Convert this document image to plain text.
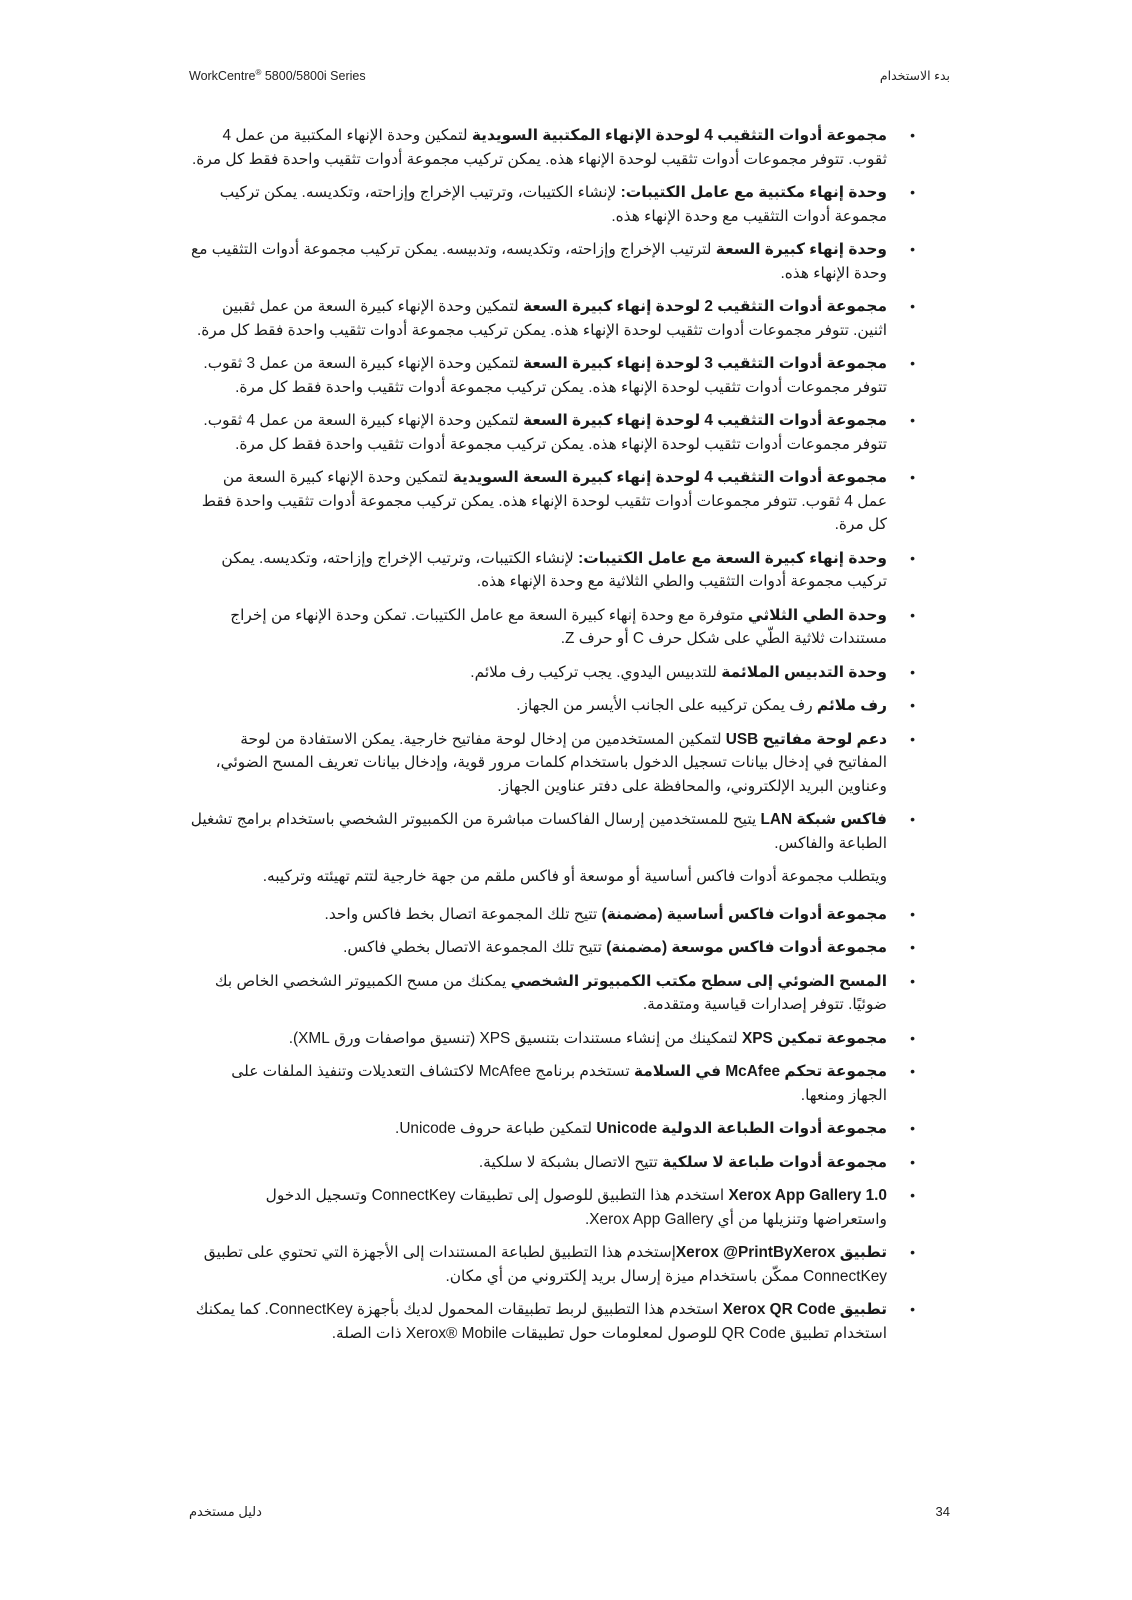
WorkCentre® 5800/5800i Series	بدء الاستخدام
• مجموعة أدوات التثقيب 4 لوحدة الإنهاء المكتبية السويدية لتمكين وحدة الإنهاء المكتبية من عمل 4 ثقوب. تتوفر مجموعات أدوات تثقيب لوحدة الإنهاء هذه. يمكن تركيب مجموعة أدوات تثقيب واحدة فقط كل مرة.
• وحدة إنهاء مكتبية مع عامل الكتيبات: لإنشاء الكتيبات، وترتيب الإخراج وإزاحته، وتكديسه. يمكن تركيب مجموعة أدوات التثقيب مع وحدة الإنهاء هذه.
• وحدة إنهاء كبيرة السعة لترتيب الإخراج وإزاحته، وتكديسه، وتدبيسه. يمكن تركيب مجموعة أدوات التثقيب مع وحدة الإنهاء هذه.
• مجموعة أدوات التثقيب 2 لوحدة إنهاء كبيرة السعة لتمكين وحدة الإنهاء كبيرة السعة من عمل ثقبين اثنين. تتوفر مجموعات أدوات تثقيب لوحدة الإنهاء هذه. يمكن تركيب مجموعة أدوات تثقيب واحدة فقط كل مرة.
• مجموعة أدوات التثقيب 3 لوحدة إنهاء كبيرة السعة لتمكين وحدة الإنهاء كبيرة السعة من عمل 3 ثقوب. تتوفر مجموعات أدوات تثقيب لوحدة الإنهاء هذه. يمكن تركيب مجموعة أدوات تثقيب واحدة فقط كل مرة.
• مجموعة أدوات التثقيب 4 لوحدة إنهاء كبيرة السعة لتمكين وحدة الإنهاء كبيرة السعة من عمل 4 ثقوب. تتوفر مجموعات أدوات تثقيب لوحدة الإنهاء هذه. يمكن تركيب مجموعة أدوات تثقيب واحدة فقط كل مرة.
• مجموعة أدوات التثقيب 4 لوحدة إنهاء كبيرة السعة السويدية لتمكين وحدة الإنهاء كبيرة السعة من عمل 4 ثقوب. تتوفر مجموعات أدوات تثقيب لوحدة الإنهاء هذه. يمكن تركيب مجموعة أدوات تثقيب واحدة فقط كل مرة.
• وحدة إنهاء كبيرة السعة مع عامل الكتيبات: لإنشاء الكتيبات، وترتيب الإخراج وإزاحته، وتكديسه. يمكن تركيب مجموعة أدوات التثقيب والطي الثلاثية مع وحدة الإنهاء هذه.
• وحدة الطي الثلاثي متوفرة مع وحدة إنهاء كبيرة السعة مع عامل الكتيبات. تمكن وحدة الإنهاء من إخراج مستندات ثلاثية الطّي على شكل حرف C أو حرف Z.
• وحدة التدبيس الملائمة للتدبيس اليدوي. يجب تركيب رف ملائم.
• رف ملائم رف يمكن تركيبه على الجانب الأيسر من الجهاز.
• دعم لوحة مفاتيح USB لتمكين المستخدمين من إدخال لوحة مفاتيح خارجية. يمكن الاستفادة من لوحة المفاتيح في إدخال بيانات تسجيل الدخول باستخدام كلمات مرور قوية، وإدخال بيانات تعريف المسح الضوئي، وعناوين البريد الإلكتروني، والمحافظة على دفتر عناوين الجهاز.
• فاكس شبكة LAN يتيح للمستخدمين إرسال الفاكسات مباشرة من الكمبيوتر الشخصي باستخدام برامج تشغيل الطباعة والفاكس.

ويتطلب مجموعة أدوات فاكس أساسية أو موسعة أو فاكس ملقم من جهة خارجية لتتم تهيئته وتركيبه.

• مجموعة أدوات فاكس أساسية (مضمنة) تتيح تلك المجموعة اتصال بخط فاكس واحد.
• مجموعة أدوات فاكس موسعة (مضمنة) تتيح تلك المجموعة الاتصال بخطي فاكس.
• المسح الضوئي إلى سطح مكتب الكمبيوتر الشخصي يمكنك من مسح الكمبيوتر الشخصي الخاص بك ضوئيًا. تتوفر إصدارات قياسية ومتقدمة.
• مجموعة تمكين XPS لتمكينك من إنشاء مستندات بتنسيق XPS (تنسيق مواصفات ورق XML).
• مجموعة تحكم McAfee في السلامة تستخدم برنامج McAfee لاكتشاف التعديلات وتنفيذ الملفات على الجهاز ومنعها.
• مجموعة أدوات الطباعة الدولية Unicode لتمكين طباعة حروف Unicode.
• مجموعة أدوات طباعة لا سلكية تتيح الاتصال بشبكة لا سلكية.
• Xerox App Gallery 1.0 استخدم هذا التطبيق للوصول إلى تطبيقات ConnectKey وتسجيل الدخول واستعراضها وتنزيلها من أي Xerox App Gallery.
• تطبيق Xerox @PrintByXeroxإستخدم هذا التطبيق لطباعة المستندات إلى الأجهزة التي تحتوي على تطبيق ConnectKey ممكّن باستخدام ميزة إرسال بريد إلكتروني من أي مكان.
• تطبيق Xerox QR Code استخدم هذا التطبيق لربط تطبيقات المحمول لديك بأجهزة ConnectKey. كما يمكنك استخدام تطبيق QR Code للوصول لمعلومات حول تطبيقات Xerox® Mobile ذات الصلة.
دليل مستخدم	34
